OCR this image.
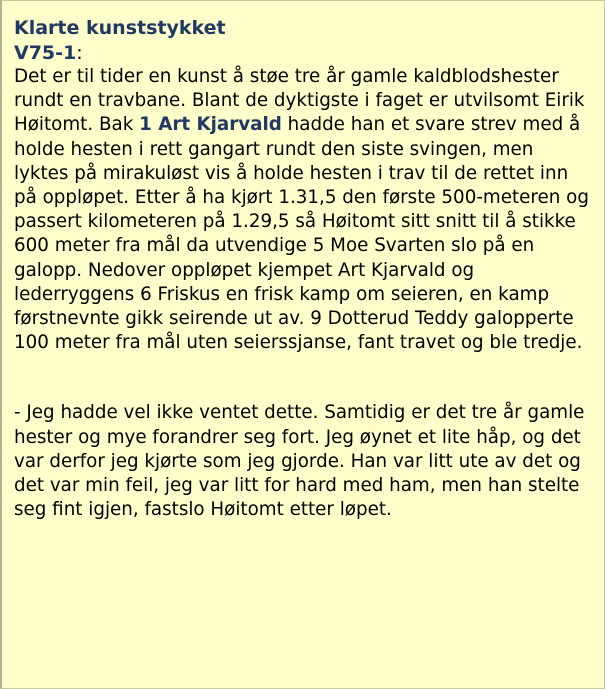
Klarte kunststykket
V75-1:

Det er til tider en kunst å støe tre år gamle kaldblodshester rundt en travbane. Blant de dyktigste i faget er utvilsomt Eirik Høitomt. Bak 1 Art Kjarvald hadde han et svare strev med å holde hesten i rett gangart rundt den siste svingen, men lyktes på mirakuløst vis å holde hesten i trav til de rettet inn på oppløpet. Etter å ha kjørt 1.31,5 den første 500-meteren og passert kilometeren på 1.29,5 så Høitomt sitt snitt til å stikke 600 meter fra mål da utvendige 5 Moe Svarten slo på en galopp. Nedover oppløpet kjempet Art Kjarvald og lederryggens 6 Friskus en frisk kamp om seieren, en kamp førstnevnte gikk seirende ut av. 9 Dotterud Teddy galopperte 100 meter fra mål uten seierssjanse, fant travet og ble tredje.

- Jeg hadde vel ikke ventet dette. Samtidig er det tre år gamle hester og mye forandrer seg fort. Jeg øynet et lite håp, og det var derfor jeg kjørte som jeg gjorde. Han var litt ute av det og det var min feil, jeg var litt for hard med ham, men han stelte seg fint igjen, fastslo Høitomt etter løpet.
